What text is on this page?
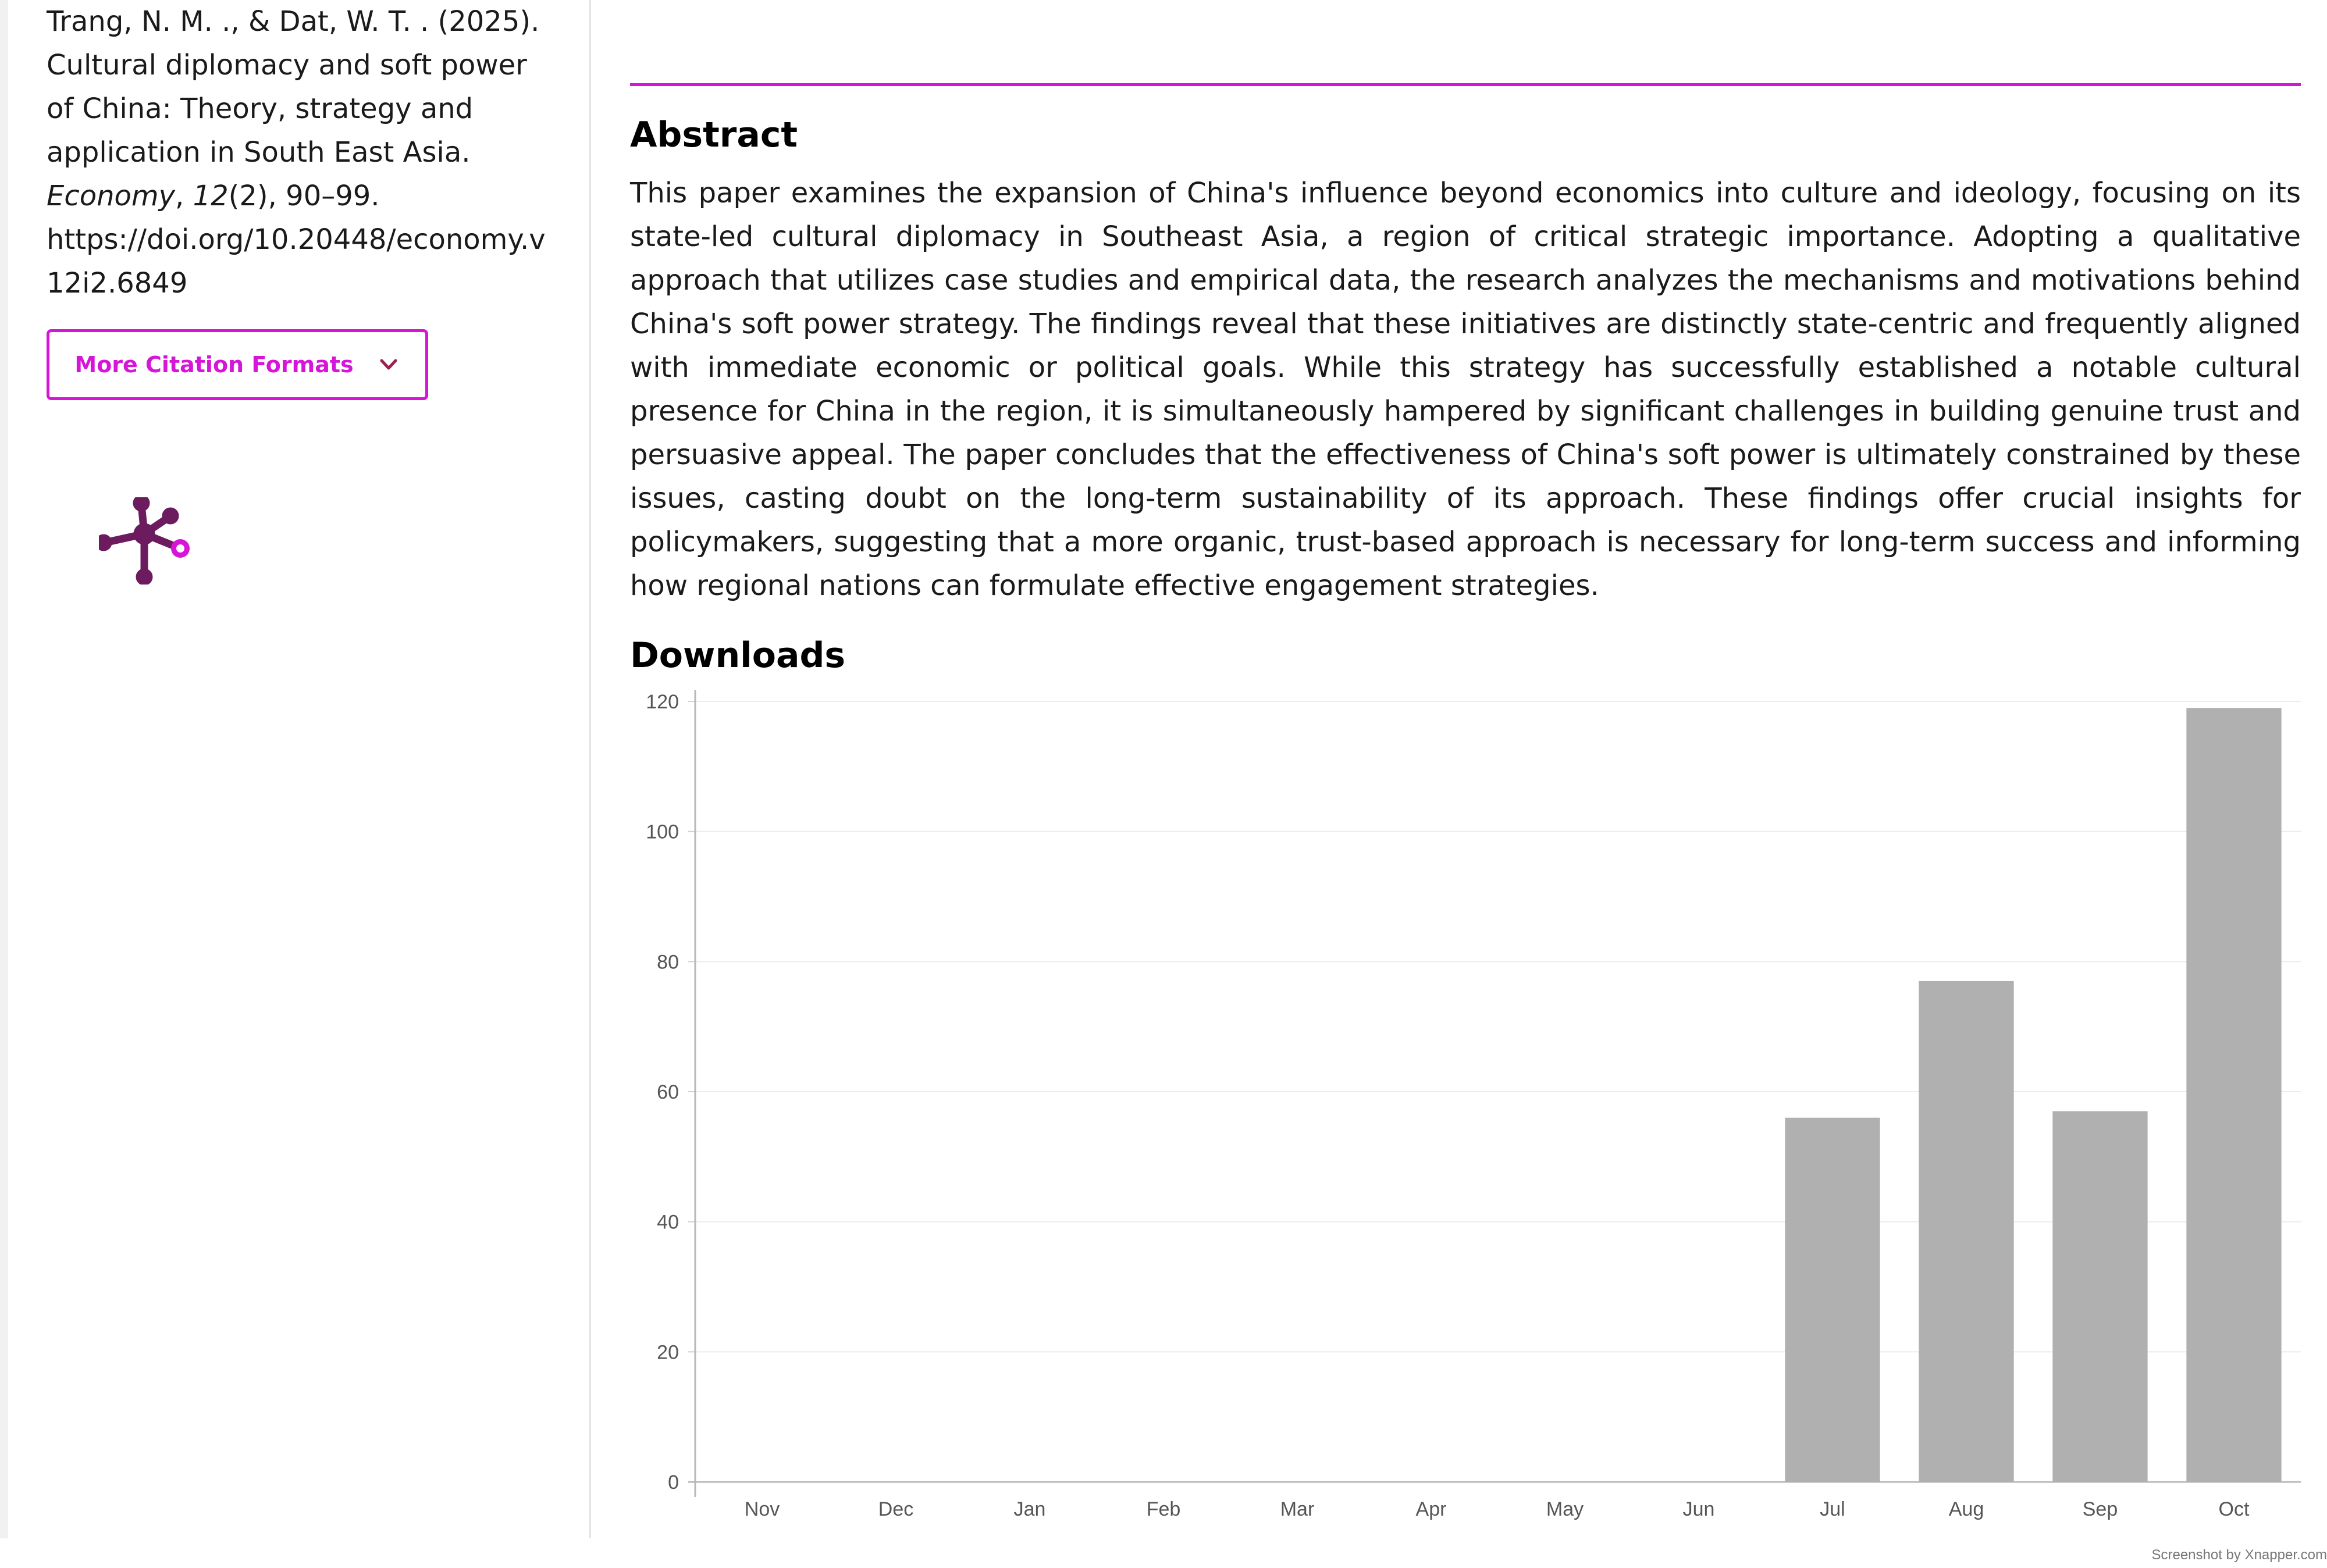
Trang, N. M. ., & Dat, W. T. . (2025).
Cultural diplomacy and soft power
of China: Theory, strategy and
application in South East Asia.
Economy, 12(2), 90–99.
https://doi.org/10.20448/economy.v
12i2.6849

More Citation Formats
Abstract

This paper examines the expansion of China's influence beyond economics into culture and ideology, focusing on its state-led cultural diplomacy in Southeast Asia, a region of critical strategic importance. Adopting a qualitative approach that utilizes case studies and empirical data, the research analyzes the mechanisms and motivations behind China's soft power strategy. The findings reveal that these initiatives are distinctly state-centric and frequently aligned with immediate economic or political goals. While this strategy has successfully established a notable cultural presence for China in the region, it is simultaneously hampered by significant challenges in building genuine trust and persuasive appeal. The paper concludes that the effectiveness of China's soft power is ultimately constrained by these issues, casting doubt on the long-term sustainability of its approach. These findings offer crucial insights for policymakers, suggesting that a more organic, trust-based approach is necessary for long-term success and informing how regional nations can formulate effective engagement strategies.

Downloads
0
20
40
60
80
100
120
Nov	Dec	Jan	Feb	Mar	Apr	May	Jun	Jul	Aug	Sep	Oct
Screenshot by Xnapper.com
